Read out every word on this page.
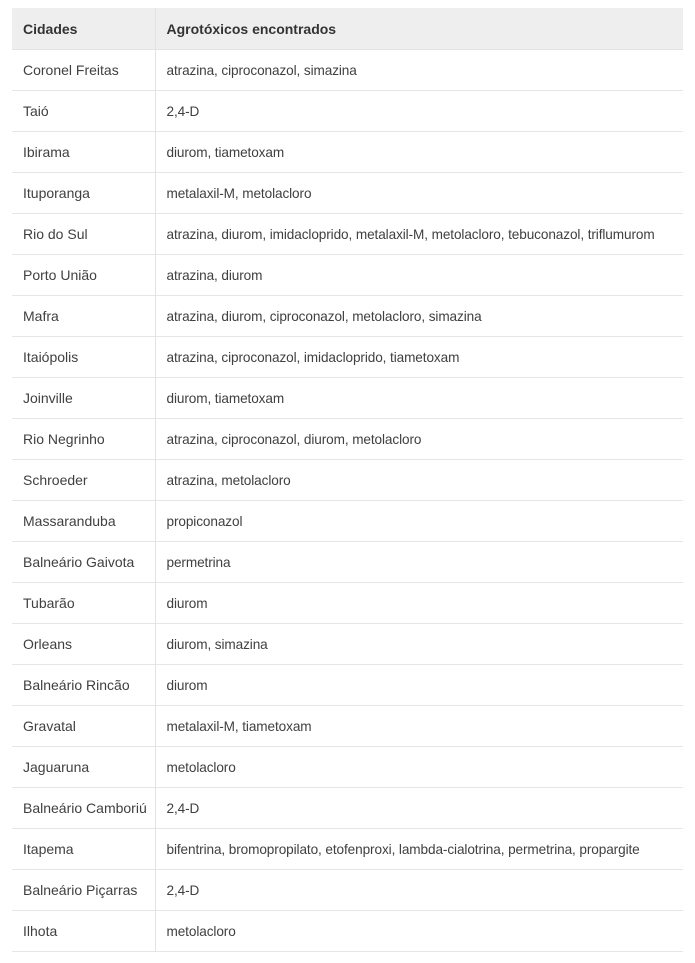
Cidades	Agrotóxicos encontrados
Coronel Freitas	atrazina, ciproconazol, simazina
Taió	2,4-D
Ibirama	diurom, tiametoxam
Ituporanga	metalaxil-M, metolacloro
Rio do Sul	atrazina, diurom, imidacloprido, metalaxil-M, metolacloro, tebuconazol, triflumurom
Porto União	atrazina, diurom
Mafra	atrazina, diurom, ciproconazol, metolacloro, simazina
Itaiópolis	atrazina, ciproconazol, imidacloprido, tiametoxam
Joinville	diurom, tiametoxam
Rio Negrinho	atrazina, ciproconazol, diurom, metolacloro
Schroeder	atrazina, metolacloro
Massaranduba	propiconazol
Balneário Gaivota	permetrina
Tubarão	diurom
Orleans	diurom, simazina
Balneário Rincão	diurom
Gravatal	metalaxil-M, tiametoxam
Jaguaruna	metolacloro
Balneário Camboriú	2,4-D
Itapema	bifentrina, bromopropilato, etofenproxi, lambda-cialotrina, permetrina, propargite
Balneário Piçarras	2,4-D
Ilhota	metolacloro
